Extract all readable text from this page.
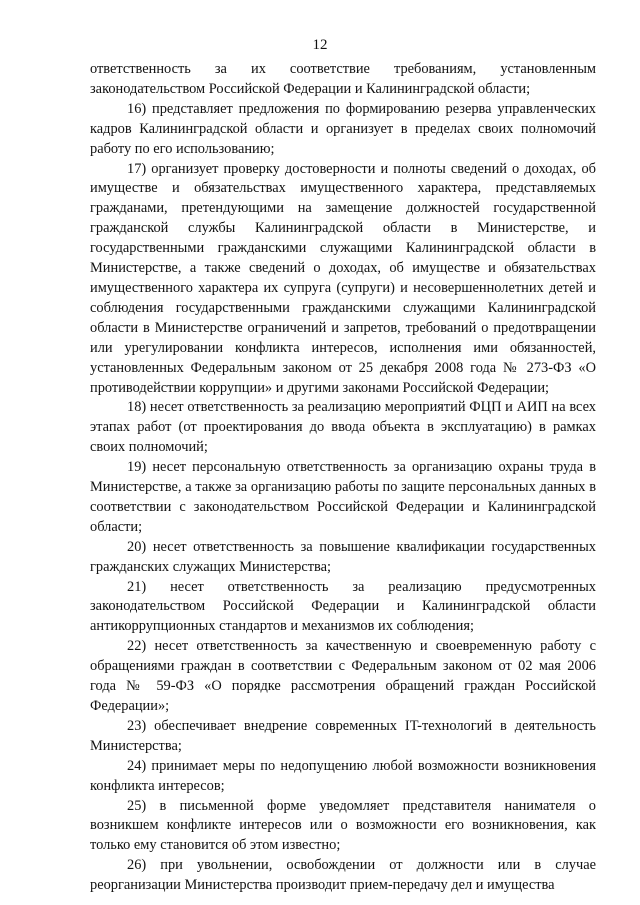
12

ответственность за их соответствие требованиям, установленным законодательством Российской Федерации и Калининградской области;

16) представляет предложения по формированию резерва управленческих кадров Калининградской области и организует в пределах своих полномочий работу по его использованию;

17) организует проверку достоверности и полноты сведений о доходах, об имуществе и обязательствах имущественного характера, представляемых гражданами, претендующими на замещение должностей государственной гражданской службы Калининградской области в Министерстве, и государственными гражданскими служащими Калининградской области в Министерстве, а также сведений о доходах, об имуществе и обязательствах имущественного характера их супруга (супруги) и несовершеннолетних детей и соблюдения государственными гражданскими служащими Калининградской области в Министерстве ограничений и запретов, требований о предотвращении или урегулировании конфликта интересов, исполнения ими обязанностей, установленных Федеральным законом от 25 декабря 2008 года № 273-ФЗ «О противодействии коррупции» и другими законами Российской Федерации;

18) несет ответственность за реализацию мероприятий ФЦП и АИП на всех этапах работ (от проектирования до ввода объекта в эксплуатацию) в рамках своих полномочий;

19) несет персональную ответственность за организацию охраны труда в Министерстве, а также за организацию работы по защите персональных данных в соответствии с законодательством Российской Федерации и Калининградской области;

20) несет ответственность за повышение квалификации государственных гражданских служащих Министерства;

21) несет ответственность за реализацию предусмотренных законодательством Российской Федерации и Калининградской области антикоррупционных стандартов и механизмов их соблюдения;

22) несет ответственность за качественную и своевременную работу с обращениями граждан в соответствии с Федеральным законом от 02 мая 2006 года № 59-ФЗ «О порядке рассмотрения обращений граждан Российской Федерации»;

23) обеспечивает внедрение современных IT-технологий в деятельность Министерства;

24) принимает меры по недопущению любой возможности возникновения конфликта интересов;

25) в письменной форме уведомляет представителя нанимателя о возникшем конфликте интересов или о возможности его возникновения, как только ему становится об этом известно;

26) при увольнении, освобождении от должности или в случае реорганизации Министерства производит прием-передачу дел и имущества
